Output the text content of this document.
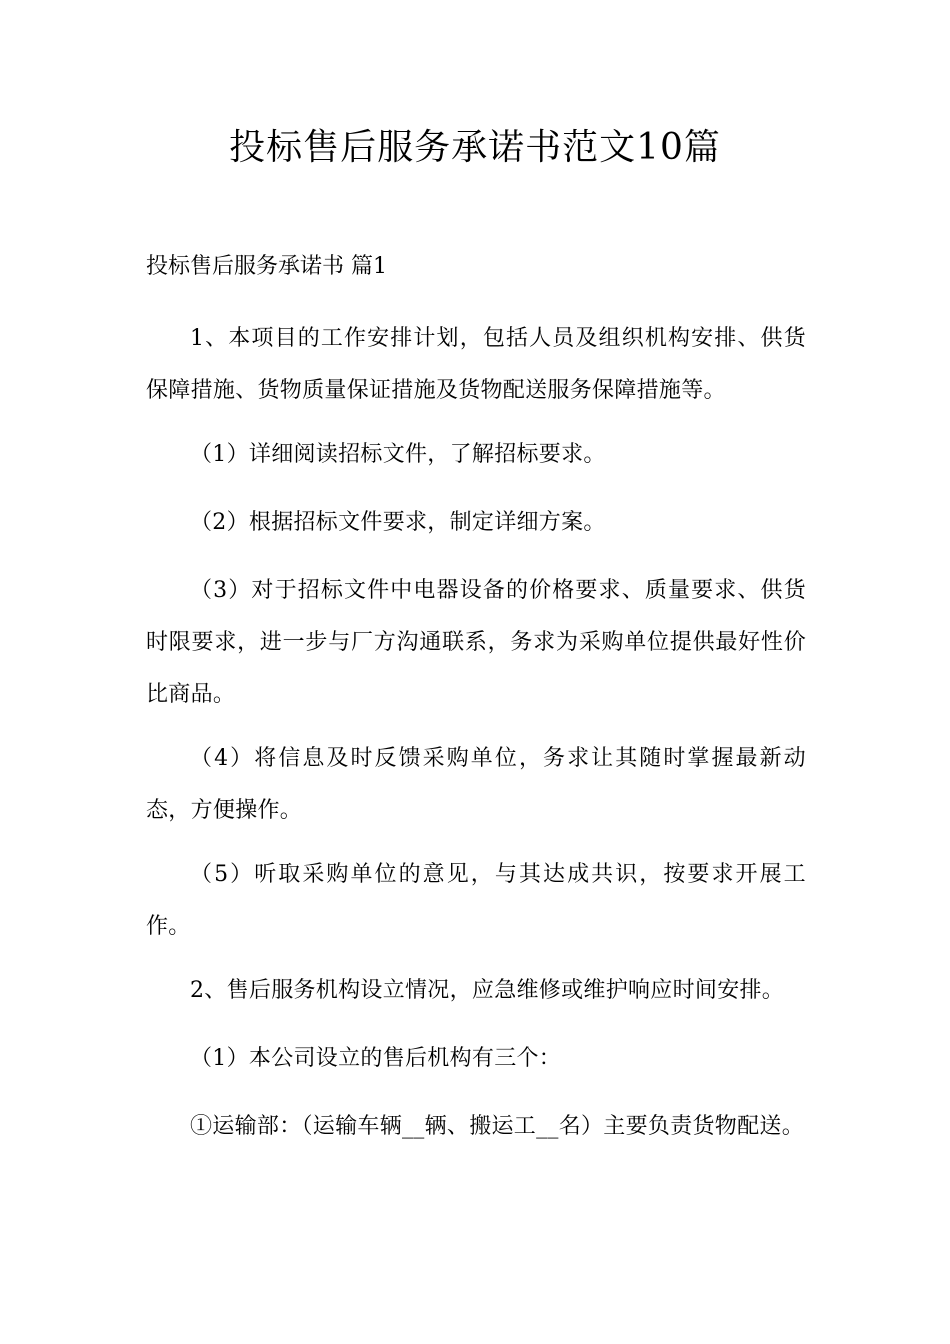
投标售后服务承诺书范文10篇
投标售后服务承诺书 篇1

1、本项目的工作安排计划，包括人员及组织机构安排、供货保障措施、货物质量保证措施及货物配送服务保障措施等。

（1）详细阅读招标文件，了解招标要求。

（2）根据招标文件要求，制定详细方案。

（3）对于招标文件中电器设备的价格要求、质量要求、供货时限要求，进一步与厂方沟通联系，务求为采购单位提供最好性价比商品。

（4）将信息及时反馈采购单位，务求让其随时掌握最新动态，方便操作。

（5）听取采购单位的意见，与其达成共识，按要求开展工作。

2、售后服务机构设立情况，应急维修或维护响应时间安排。

（1）本公司设立的售后机构有三个：

①运输部：（运输车辆__辆、搬运工__名）主要负责货物配送。
